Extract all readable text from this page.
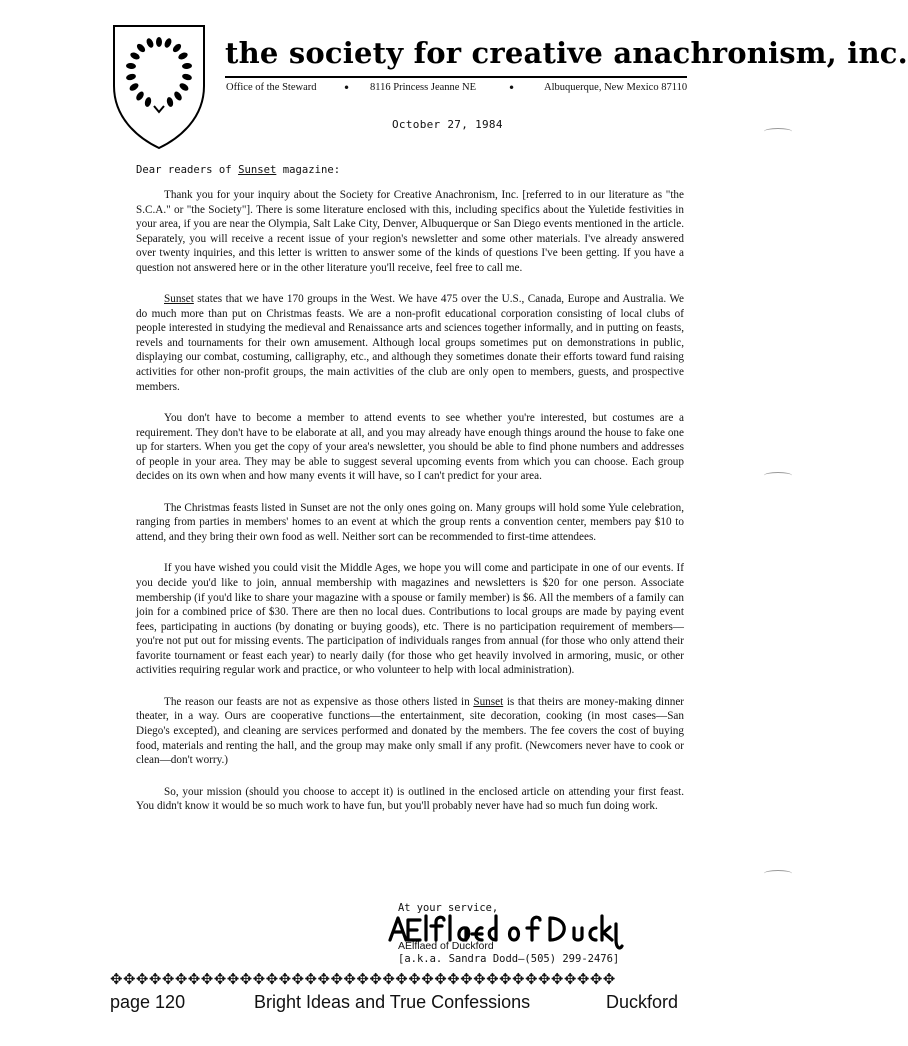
the society for creative anachronism, inc.
Office of the Steward • 8116 Princess Jeanne NE	•	Albuquerque, New Mexico 87110
October 27, 1984
Dear readers of Sunset magazine:

Thank you for your inquiry about the Society for Creative Anachronism, Inc. [referred to in our literature as "the S.C.A." or "the Society"]. There is some literature enclosed with this, including specifics about the Yuletide festivities in your area, if you are near the Olympia, Salt Lake City, Denver, Albuquerque or San Diego events mentioned in the article. Separately, you will receive a recent issue of your region's newsletter and some other materials. I've already answered over twenty inquiries, and this letter is written to answer some of the kinds of questions I've been getting. If you have a question not answered here or in the other literature you'll receive, feel free to call me.

Sunset states that we have 170 groups in the West. We have 475 over the U.S., Canada, Europe and Australia. We do much more than put on Christmas feasts. We are a non-profit educational corporation consisting of local clubs of people interested in studying the medieval and Renaissance arts and sciences together informally, and in putting on feasts, revels and tournaments for their own amusement. Although local groups sometimes put on demonstrations in public, displaying our combat, costuming, calligraphy, etc., and although they sometimes donate their efforts toward fund raising activities for other non-profit groups, the main activities of the club are only open to members, guests, and prospective members.

You don't have to become a member to attend events to see whether you're interested, but costumes are a requirement. They don't have to be elaborate at all, and you may already have enough things around the house to fake one up for starters. When you get the copy of your area's newsletter, you should be able to find phone numbers and addresses of people in your area. They may be able to suggest several upcoming events from which you can choose. Each group decides on its own when and how many events it will have, so I can't predict for your area.

The Christmas feasts listed in Sunset are not the only ones going on. Many groups will hold some Yule celebration, ranging from parties in members' homes to an event at which the group rents a convention center, members pay $10 to attend, and they bring their own food as well. Neither sort can be recommended to first-time attendees.

If you have wished you could visit the Middle Ages, we hope you will come and participate in one of our events. If you decide you'd like to join, annual membership with magazines and newsletters is $20 for one person. Associate membership (if you'd like to share your magazine with a spouse or family member) is $6. All the members of a family can join for a combined price of $30. There are then no local dues. Contributions to local groups are made by paying event fees, participating in auctions (by donating or buying goods), etc. There is no participation requirement of members—you're not put out for missing events. The participation of individuals ranges from annual (for those who only attend their favorite tournament or feast each year) to nearly daily (for those who get heavily involved in armoring, music, or other activities requiring regular work and practice, or who volunteer to help with local administration).

The reason our feasts are not as expensive as those others listed in Sunset is that theirs are money-making dinner theater, in a way. Ours are cooperative functions—the entertainment, site decoration, cooking (in most cases—San Diego's excepted), and cleaning are services performed and donated by the members. The fee covers the cost of buying food, materials and renting the hall, and the group may make only small if any profit. (Newcomers never have to cook or clean—don't worry.)

So, your mission (should you choose to accept it) is outlined in the enclosed article on attending your first feast. You didn't know it would be so much work to have fun, but you'll probably never have had so much fun doing work.

At your service,
AElflaed of Duckford
[a.k.a. Sandra Dodd—(505) 299-2476]
✥✥✥✥✥✥✥✥✥✥✥✥✥✥✥✥✥✥✥✥✥✥✥✥✥✥✥✥✥✥✥✥✥✥✥✥✥✥✥
page 120	Bright Ideas and True Confessions	Duckford
